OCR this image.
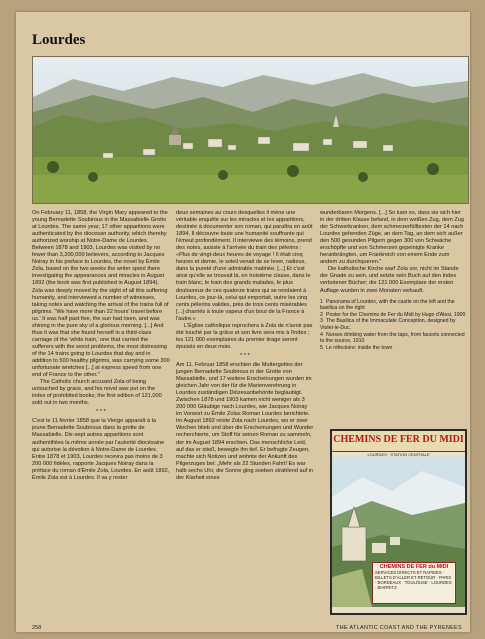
Lourdes

On February 11, 1858, the Virgin Mary appeared to the young Bernadette Soubirous in the Massabielle Grotto at Lourdes. The same year, 17 other apparitions were authenticated by the diocesan authority, which thereby authorized worship at Notre-Dame de Lourdes. Between 1878 and 1903, Lourdes was visited by no fewer than 3,200,000 believers, according to Jacques Noiray in his preface to Lourdes, the novel by Émile Zola, based on the two weeks the writer spent there investigating the appearances and miracles in August 1892 (the book was first published in August 1894). Zola was deeply moved by the sight of all this suffering humanity, and interviewed a number of witnesses, taking notes and watching the arrival of the trains full of pilgrims. "We have more than 22 hours' travel before us.' It was half past five, the sun had risen, and was shining in the pure sky of a glorious morning. [...] And thus it was that she found herself in a third-class carriage of the 'white train,' one that carried the sufferers with the worst problems, the most distressing of the 14 trains going to Lourdes that day and in addition to 500 healthy pilgrims, was carrying some 300 unfortunate wretches [...] at express speed from one end of France to the other."

The Catholic church accused Zola of being untouched by grace, and his novel was put on the index of prohibited books; the first edition of 121,000 sold out in two months.

* * *

C'est le 11 février 1858 que la Vierge apparaît à la jeune Bernadette Soubirous dans la grotte de Massabielle. Dix-sept autres apparitions sont authentifiées la même année par l'autorité diocésaine qui autorise la dévotion à Notre-Dame de Lourdes. Entre 1878 et 1903, Lourdes recevra pas moins de 3 200 000 fidèles, rapporte Jacques Noiray dans la préface du roman d'Émile Zola, Lourdes. En août 1892, Émile Zola est à Lourdes. Il va y rester

deux semaines au cours desquelles il mène une véritable enquête sur les miracles et les apparitions, destinée à documenter son roman, qui paraîtra en août 1894. Il découvre toute une humanité souffrante qui l'émeut profondément. Il interviewe des témoins, prend des notes, assiste à l'arrivée du train des pèlerins : «Plus de vingt-deux heures de voyage ! Il était cinq heures et demie, le soleil venait de se lever, radieux, dans la pureté d'une admirable matinée. [...] Et c'est ainsi qu'elle se trouvait là, en troisième classe, dans le train blanc, le train des grands malades, le plus douloureux de ces quatorze trains qui se rendaient à Lourdes, ce jour-là, celui qui emportait, outre les cinq cents pèlerins valides, près de trois cents misérables [...] charriés à toute vapeur d'un bout de la France à l'autre.»

L'Église catholique reprochera à Zola de n'avoir pas été touché par la grâce et son livre sera mis à l'index ; les 121 000 exemplaires du premier tirage seront épuisés en deux mois.

* * *

Am 11. Februar 1858 erschien die Muttergottes der jungen Bernadette Soubirous in der Grotte von Massabielle, und 17 weitere Erscheinungen wurden im gleichen Jahr von der für die Marienverehrung in Lourdes zuständigen Diözesanbehörde beglaubigt. Zwischen 1878 und 1903 kamen nicht weniger als 3 200 000 Gläubige nach Lourdes, wie Jacques Noiray im Vorwort zu Émile Zolas Roman Lourdes berichtete. Im August 1892 reiste Zola nach Lourdes, wo er zwei Wochen blieb und über die Erscheinungen und Wunder recherchierte, um Stoff für seinen Roman zu sammeln, der im August 1894 erschien. Das menschliche Leid, auf das er stieß, bewegte ihn tief. Er befragte Zeugen, machte sich Notizen und wohnte der Ankunft des Pilgerzuges bei: „Mehr als 22 Stunden Fahrt! Es war halb sechs Uhr, die Sonne ging soeben strahlend auf in der Klarheit eines

wunderbaren Morgens. [...] So kam es, dass sie sich hier in der dritten Klasse befand, in dem weißen Zug, dem Zug der Schwerkranken, dem schmerzerfülltesten der 14 nach Lourdes gehenden Züge, an dem Tag, an dem sich außer den 500 gesunden Pilgern gegen 300 von Schwäche erschöpfte und von Schmerzen gepeinigte Kranke heranbrängten, um Frankreich von einem Ende zum andern zu durchqueren."

Die katholische Kirche warf Zola vor, nicht im Stande der Gnade zu sein, und setzte sein Buch auf den Index verbotener Bücher; die 121 000 Exemplare der ersten Auflage wurden in zwei Monaten verkauft.

1 Panorama of Lourdes, with the castle on the left and the basilica on the right
2 Poster for the Chemins de Fer du Midi by Hugo d'Alesi, 1900
3 The Basilica of the Immaculate Conception, designed by Violet-le-Duc.
4 Nurses drinking water from the taps, from faucets connected to the source, 1910
5 Le réfectoire: inside the town
CHEMINS DE FER DU MIDI
LOURDES · STATION CENTRALE
CHEMINS DE FER du MIDI
SERVICES DIRECTS ET RAPIDES · BILLETS D'ALLER ET RETOUR · PARIS · BORDEAUX · TOULOUSE · LOURDES · BIARRITZ
258	THE ATLANTIC COAST AND THE PYRENEES
